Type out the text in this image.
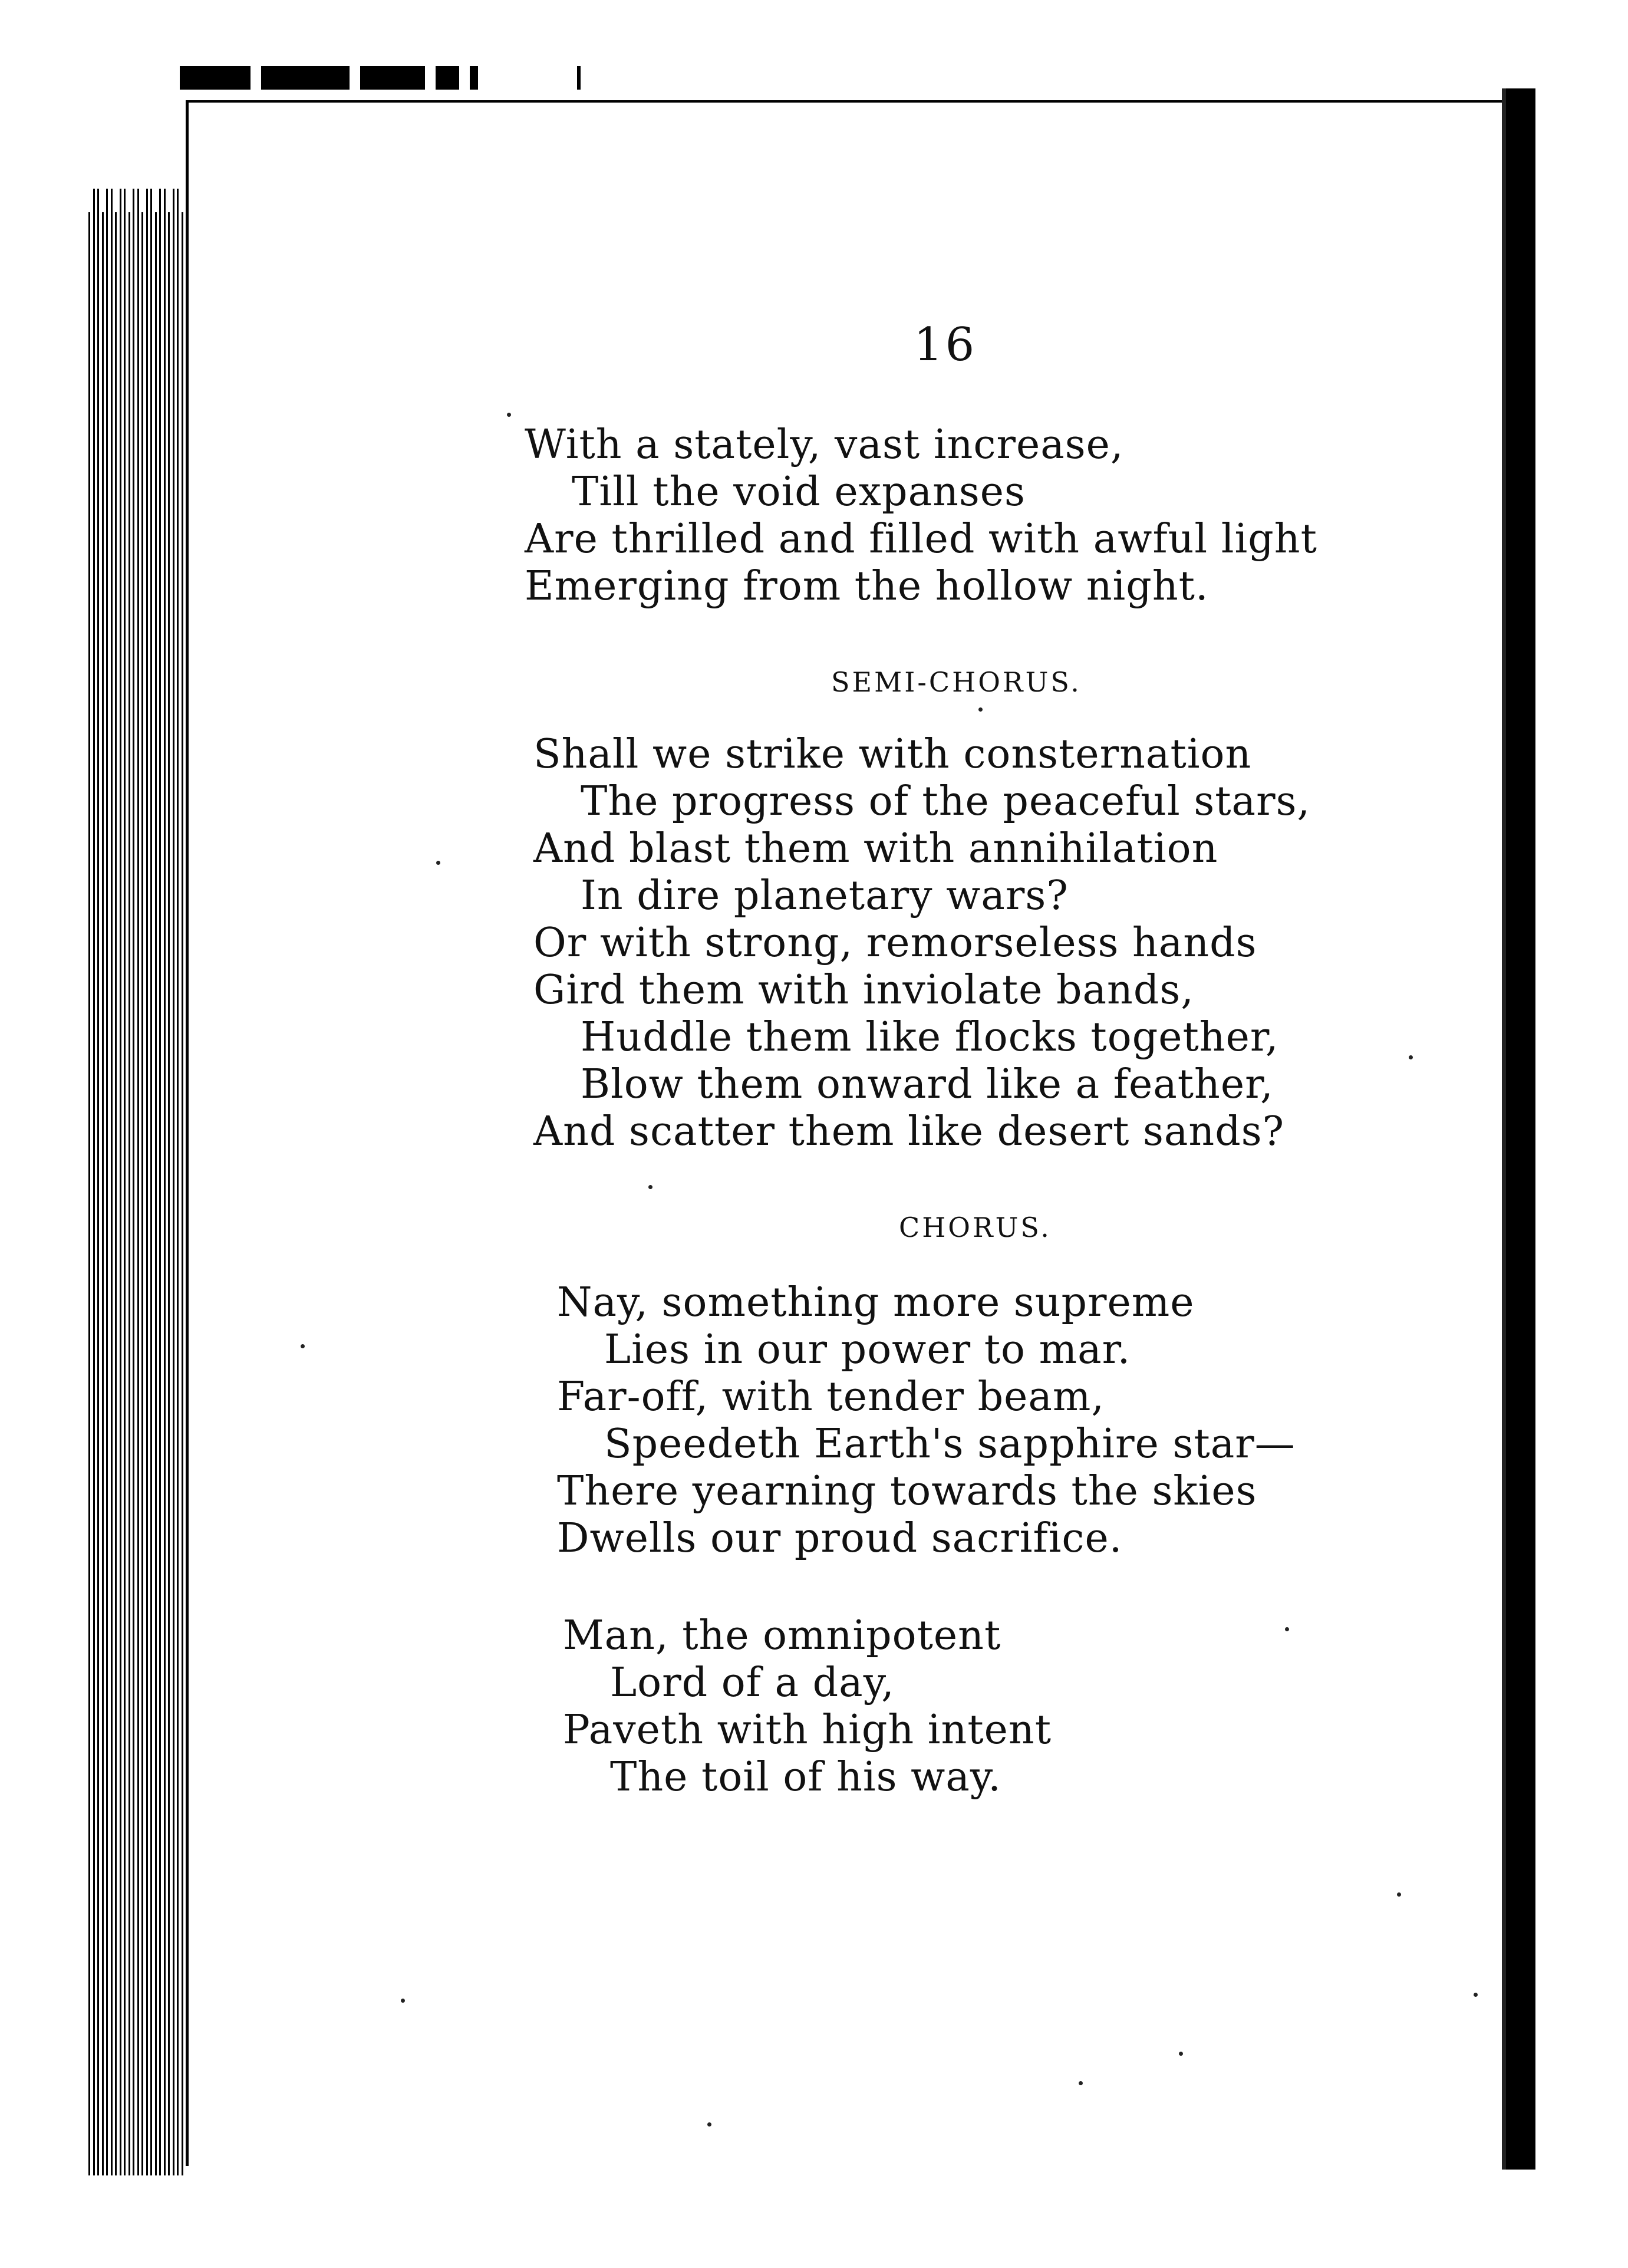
16
With a stately, vast increase,
Till the void expanses
Are thrilled and filled with awful light
Emerging from the hollow night.
SEMI-CHORUS.
Shall we strike with consternation
The progress of the peaceful stars,
And blast them with annihilation
In dire planetary wars?
Or with strong, remorseless hands
Gird them with inviolate bands,
Huddle them like flocks together,
Blow them onward like a feather,
And scatter them like desert sands?
CHORUS.
Nay, something more supreme
Lies in our power to mar.
Far-off, with tender beam,
Speedeth Earth's sapphire star—
There yearning towards the skies
Dwells our proud sacrifice.
Man, the omnipotent
Lord of a day,
Paveth with high intent
The toil of his way.
